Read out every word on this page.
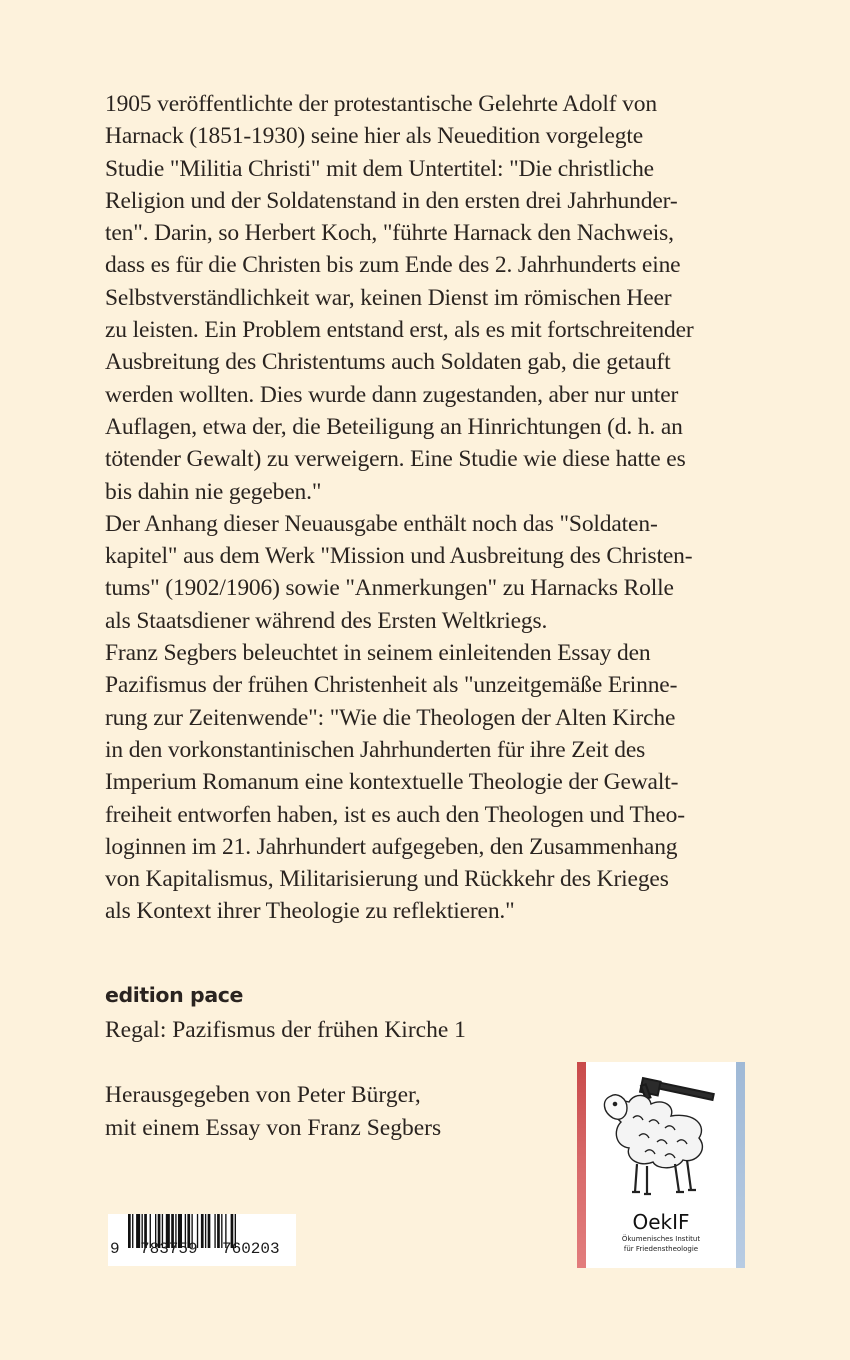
1905 veröffentlichte der protestantische Gelehrte Adolf von
Harnack (1851-1930) seine hier als Neuedition vorgelegte
Studie "Militia Christi" mit dem Untertitel: "Die christliche
Religion und der Soldatenstand in den ersten drei Jahrhunder-
ten". Darin, so Herbert Koch, "führte Harnack den Nachweis,
dass es für die Christen bis zum Ende des 2. Jahrhunderts eine
Selbstverständlichkeit war, keinen Dienst im römischen Heer
zu leisten. Ein Problem entstand erst, als es mit fortschreitender
Ausbreitung des Christentums auch Soldaten gab, die getauft
werden wollten. Dies wurde dann zugestanden, aber nur unter
Auflagen, etwa der, die Beteiligung an Hinrichtungen (d. h. an
tötender Gewalt) zu verweigern. Eine Studie wie diese hatte es
bis dahin nie gegeben."
Der Anhang dieser Neuausgabe enthält noch das "Soldaten-
kapitel" aus dem Werk "Mission und Ausbreitung des Christen-
tums" (1902/1906) sowie "Anmerkungen" zu Harnacks Rolle
als Staatsdiener während des Ersten Weltkriegs.
Franz Segbers beleuchtet in seinem einleitenden Essay den
Pazifismus der frühen Christenheit als "unzeitgemäße Erinne-
rung zur Zeitenwende": "Wie die Theologen der Alten Kirche
in den vorkonstantinischen Jahrhunderten für ihre Zeit des
Imperium Romanum eine kontextuelle Theologie der Gewalt-
freiheit entworfen haben, ist es auch den Theologen und Theo-
loginnen im 21. Jahrhundert aufgegeben, den Zusammenhang
von Kapitalismus, Militarisierung und Rückkehr des Krieges
als Kontext ihrer Theologie zu reflektieren."
edition pace
Regal: Pazifismus der frühen Kirche 1
Herausgegeben von Peter Bürger,
mit einem Essay von Franz Segbers
9 783759 760203
OekIF
Ökumenisches Institut
für Friedenstheologie
